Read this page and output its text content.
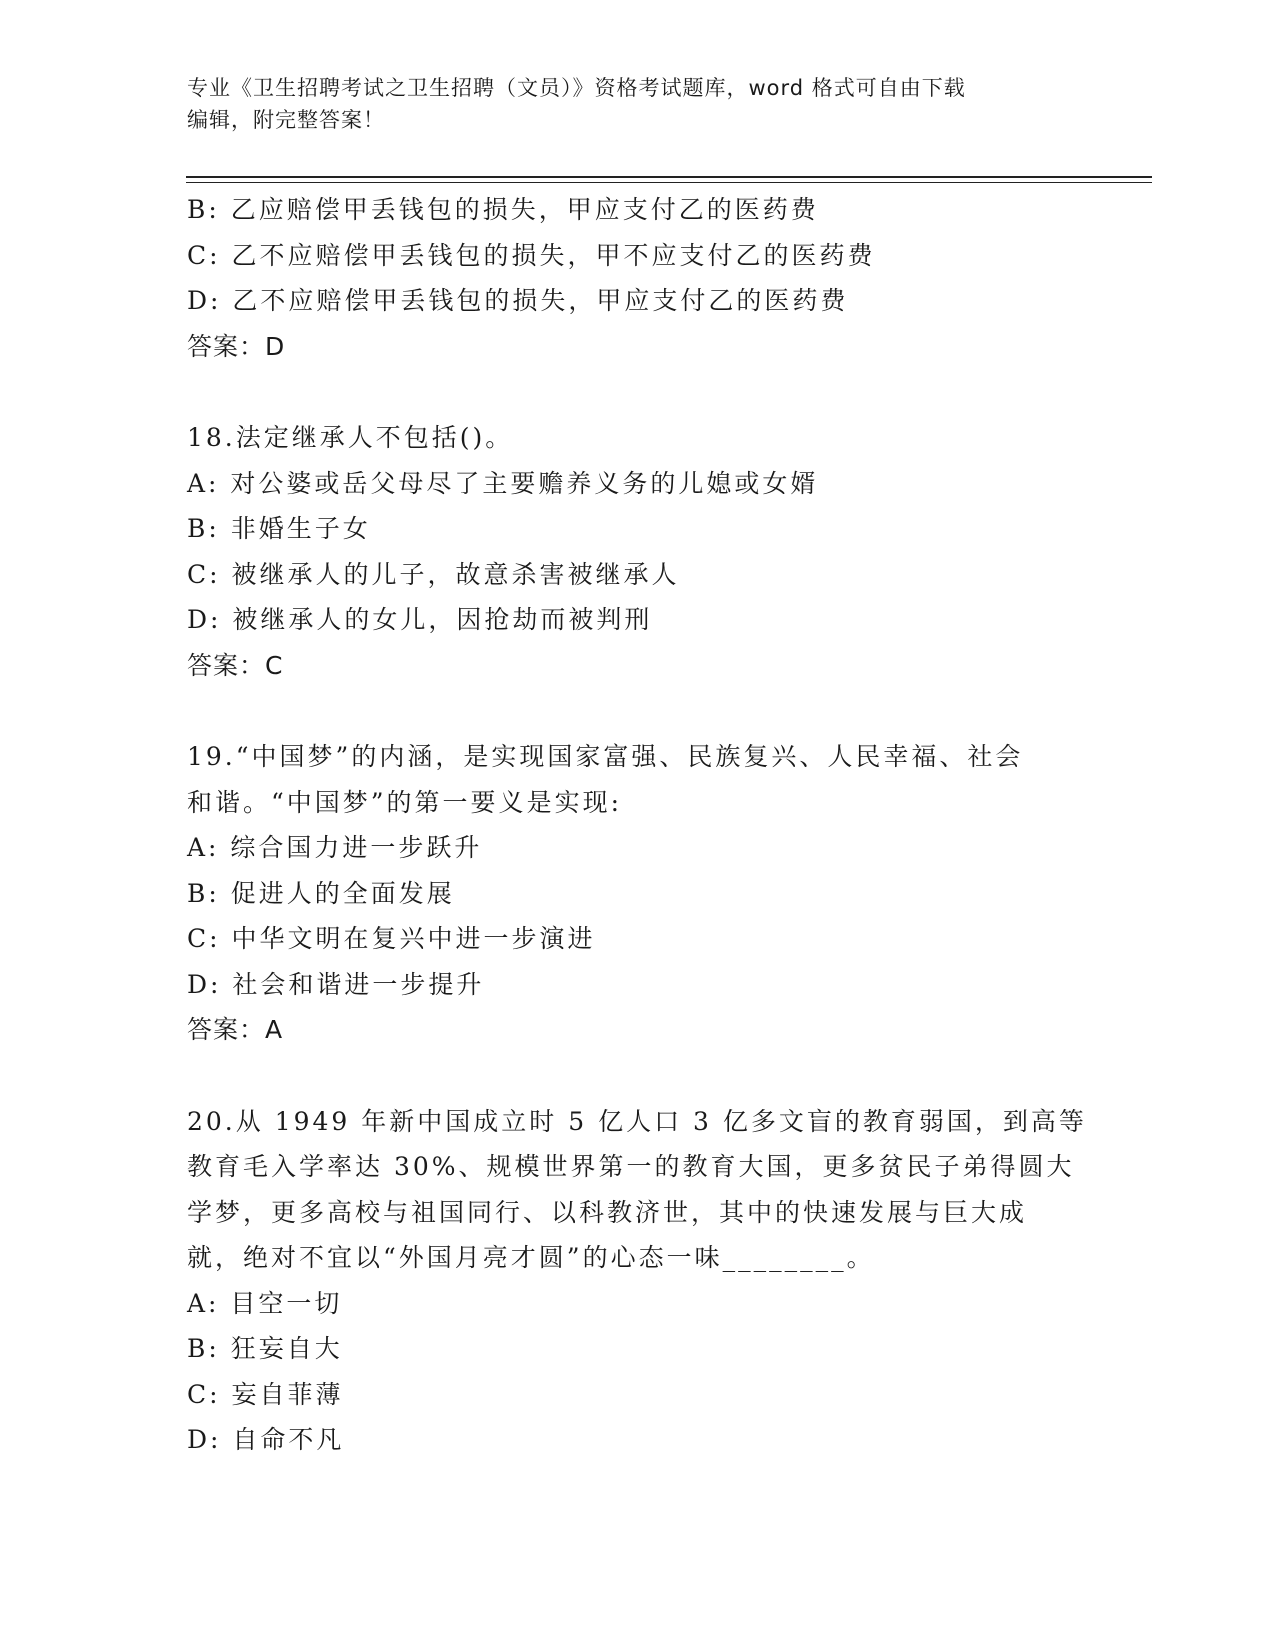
专业《卫生招聘考试之卫生招聘（文员）》资格考试题库，word 格式可自由下载
编辑，附完整答案！
B: 乙应赔偿甲丢钱包的损失，甲应支付乙的医药费
C: 乙不应赔偿甲丢钱包的损失，甲不应支付乙的医药费
D: 乙不应赔偿甲丢钱包的损失，甲应支付乙的医药费
答案：D
18.法定继承人不包括()。
A: 对公婆或岳父母尽了主要赡养义务的儿媳或女婿
B: 非婚生子女
C: 被继承人的儿子，故意杀害被继承人
D: 被继承人的女儿，因抢劫而被判刑
答案：C
19.“中国梦”的内涵，是实现国家富强、民族复兴、人民幸福、社会
和谐。“中国梦”的第一要义是实现:
A: 综合国力进一步跃升
B: 促进人的全面发展
C: 中华文明在复兴中进一步演进
D: 社会和谐进一步提升
答案：A
20.从 1949 年新中国成立时 5 亿人口 3 亿多文盲的教育弱国，到高等
教育毛入学率达 30%、规模世界第一的教育大国，更多贫民子弟得圆大
学梦，更多高校与祖国同行、以科教济世，其中的快速发展与巨大成
就，绝对不宜以“外国月亮才圆”的心态一味________。
A: 目空一切
B: 狂妄自大
C: 妄自菲薄
D: 自命不凡
